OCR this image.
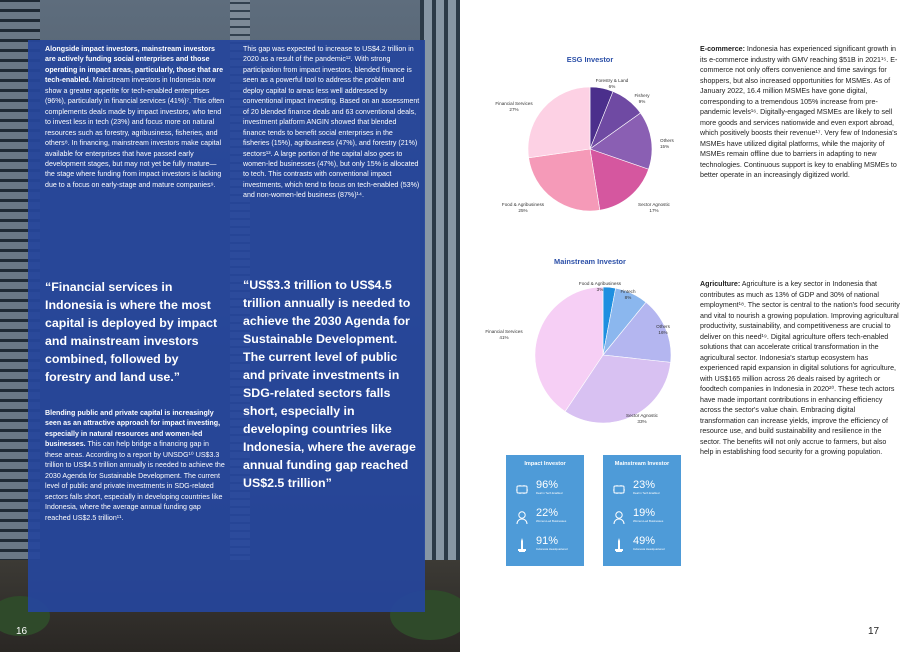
Alongside impact investors, mainstream investors are actively funding social enterprises and those operating in impact areas, particularly, those that are tech-enabled. Mainstream investors in Indonesia now show a greater appetite for tech-enabled enterprises (96%), particularly in financial services (41%)⁷. This often complements deals made by impact investors, who tend to invest less in tech (23%) and focus more on natural resources such as forestry, agribusiness, fisheries, and others⁸. In financing, mainstream investors make capital available for enterprises that have passed early development stages, but may not yet be fully mature—the stage where funding from impact investors is lacking due to a focus on early-stage and mature companies⁹.

“Financial services in Indonesia is where the most capital is deployed by impact and mainstream investors combined, followed by forestry and land use.”

Blending public and private capital is increasingly seen as an attractive approach for impact investing, especially in natural resources and women-led businesses. This can help bridge a financing gap in these areas. According to a report by UNSDG¹⁰ US$3.3 trillion to US$4.5 trillion annually is needed to achieve the 2030 Agenda for Sustainable Development. The current level of public and private investments in SDG-related sectors falls short, especially in developing countries like Indonesia, where the average annual funding gap reached US$2.5 trillion¹¹.

This gap was expected to increase to US$4.2 trillion in 2020 as a result of the pandemic¹². With strong participation from impact investors, blended finance is seen as a powerful tool to address the problem and deploy capital to areas less well addressed by conventional impact investing. Based on an assessment of 20 blended finance deals and 63 conventional deals, investment platform ANGIN showed that blended finance tends to benefit social enterprises in the fisheries (15%), agribusiness (47%), and forestry (21%) sectors¹³. A large portion of the capital also goes to women-led businesses (47%), but only 15% is allocated to tech. This contrasts with conventional impact investments, which tend to focus on tech-enabled (53%) and non-women-led business (87%)¹⁴.
“US$3.3 trillion to US$4.5 trillion annually is needed to achieve the 2030 Agenda for Sustainable Development. The current level of public and private investments in SDG-related sectors falls short, especially in developing countries like Indonesia, where the average annual funding gap reached US$2.5 trillion”
16
ESG Investor
Forestry & Land
6%
Fishery
9%
Others
15%
Sector Agnostic
17%
Food & Agribusiness
25%
Financial Services
27%
Mainstream Investor
Food & Agribusiness
3%	Fintech
8%
Others
16%
Sector Agnostic
33%
Financial Services
41%
Impact Investor
96%
Deal in Tech Enabled
22%
Women-Led Businesses
91%
Indonesia Headquartered
Mainstream Investor
23%
Deal in Tech Enabled
19%
Women-Led Businesses
49%
Indonesia Headquartered
E-commerce: Indonesia has experienced significant growth in its e-commerce industry with GMV reaching $51B in 2021¹⁵. E-commerce not only offers convenience and time savings for shoppers, but also increased opportunities for MSMEs. As of January 2022, 16.4 million MSMEs have gone digital, corresponding to a tremendous 105% increase from pre-pandemic levels¹⁶. Digitally-engaged MSMEs are likely to sell more goods and services nationwide and even export abroad, which positively boosts their revenue¹⁷. Very few of Indonesia's MSMEs have utilized digital platforms, while the majority of MSMEs remain offline due to barriers in adapting to new technologies. Continuous support is key to enabling MSMEs to better operate in an increasingly digitized world.
Agriculture: Agriculture is a key sector in Indonesia that contributes as much as 13% of GDP and 30% of national employment¹⁸. The sector is central to the nation's food security and vital to nourish a growing population. Improving agricultural productivity, sustainability, and competitiveness are crucial to deliver on this need¹⁹. Digital agriculture offers tech-enabled solutions that can accelerate critical transformation in the agricultural sector. Indonesia's startup ecosystem has experienced rapid expansion in digital solutions for agriculture, with US$165 million across 26 deals raised by agritech or foodtech companies in Indonesia in 2020²⁰. These tech actors have made important contributions in enhancing efficiency across the sector's value chain. Embracing digital transformation can increase yields, improve the efficiency of resource use, and build sustainability and resilience in the sector. The benefits will not only accrue to farmers, but also help in establishing food security for a growing population.
17
